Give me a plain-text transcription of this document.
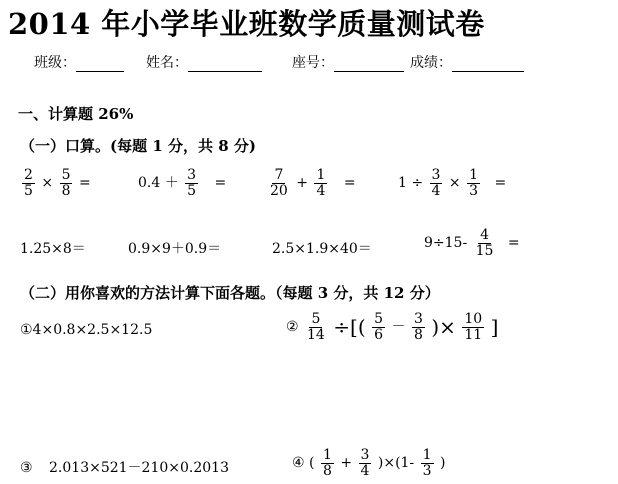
2014 年小学毕业班数学质量测试卷
班级：	姓名：	座号：	成绩：
一、计算题 26%
（一）口算。(每题 1 分，共 8 分)
$\frac{2}{5} \times \frac{5}{8}$ =	$0.4 + \frac{3}{5}$ =	$\frac{7}{20} + \frac{1}{4}$ =	$1 \div \frac{3}{4} \times \frac{1}{3}$ =
1.25×8＝	0.9×9＋0.9＝	2.5×1.9×40＝	$9\div 15- \frac{4}{15}$ =
（二）用你喜欢的方法计算下面各题。（每题 3 分，共 12 分）
①4×0.8×2.5×12.5	② $\frac{5}{14}$ ÷[( $\frac{5}{6} - \frac{3}{8}$ )× $\frac{10}{11}$ ]
③ 2.013×521－210×0.2013	④ ( $\frac{1}{8} + \frac{3}{4} )\times(1- \frac{1}{3}$ )
